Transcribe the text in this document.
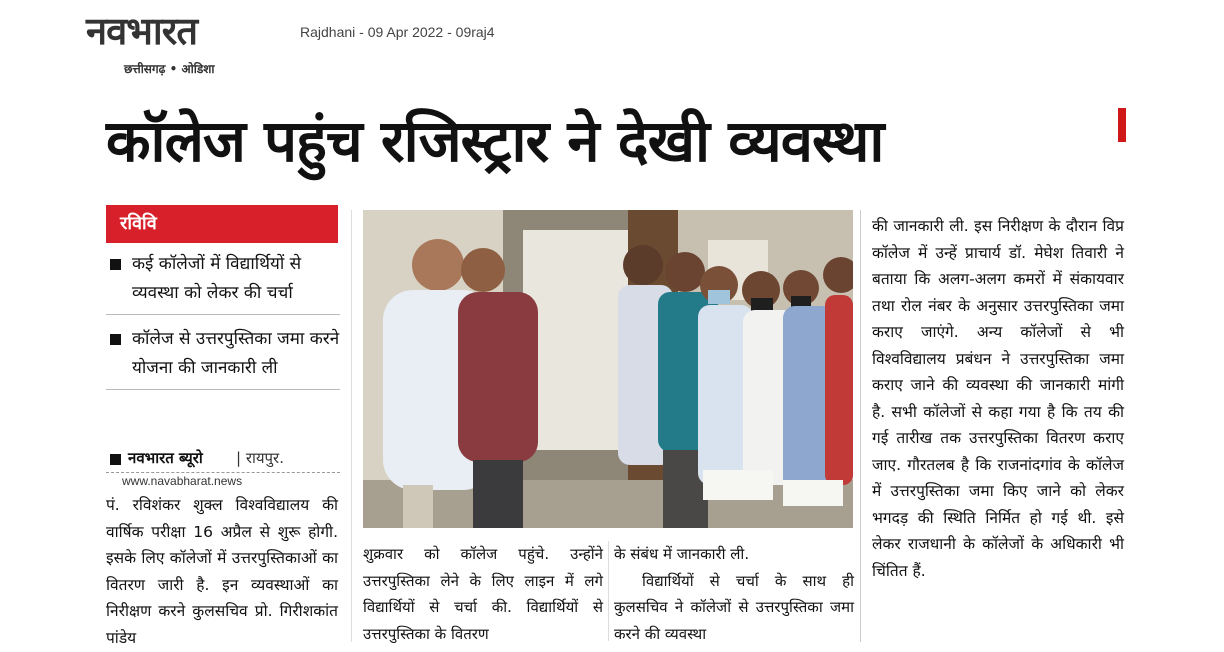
नवभारत
छत्तीसगढ़ • ओडिशा
Rajdhani - 09 Apr 2022 - 09raj4
कॉलेज पहुंच रजिस्ट्रार ने देखी व्यवस्था
रविवि
कई कॉलेजों में विद्यार्थियों से व्यवस्था को लेकर की चर्चा
कॉलेज से उत्तरपुस्तिका जमा करने योजना की जानकारी ली
नवभारत ब्यूरो | रायपुर.
www.navabharat.news

पं. रविशंकर शुक्ल विश्वविद्यालय की वार्षिक परीक्षा 16 अप्रैल से शुरू होगी. इसके लिए कॉलेजों में उत्तरपुस्तिकाओं का वितरण जारी है. इन व्यवस्थाओं का निरीक्षण करने कुलसचिव प्रो. गिरीशकांत पांडेय

शुक्रवार को कॉलेज पहुंचे. उन्होंने उत्तरपुस्तिका लेने के लिए लाइन में लगे विद्यार्थियों से चर्चा की. विद्यार्थियों से उत्तरपुस्तिका के वितरण

के संबंध में जानकारी ली.

विद्यार्थियों से चर्चा के साथ ही कुलसचिव ने कॉलेजों से उत्तरपुस्तिका जमा करने की व्यवस्था

की जानकारी ली. इस निरीक्षण के दौरान विप्र कॉलेज में उन्हें प्राचार्य डॉ. मेघेश तिवारी ने बताया कि अलग-अलग कमरों में संकायवार तथा रोल नंबर के अनुसार उत्तरपुस्तिका जमा कराए जाएंगे. अन्य कॉलेजों से भी विश्वविद्यालय प्रबंधन ने उत्तरपुस्तिका जमा कराए जाने की व्यवस्था की जानकारी मांगी है. सभी कॉलेजों से कहा गया है कि तय की गई तारीख तक उत्तरपुस्तिका वितरण कराए जाए. गौरतलब है कि राजनांदगांव के कॉलेज में उत्तरपुस्तिका जमा किए जाने को लेकर भगदड़ की स्थिति निर्मित हो गई थी. इसे लेकर राजधानी के कॉलेजों के अधिकारी भी चिंतित हैं.
